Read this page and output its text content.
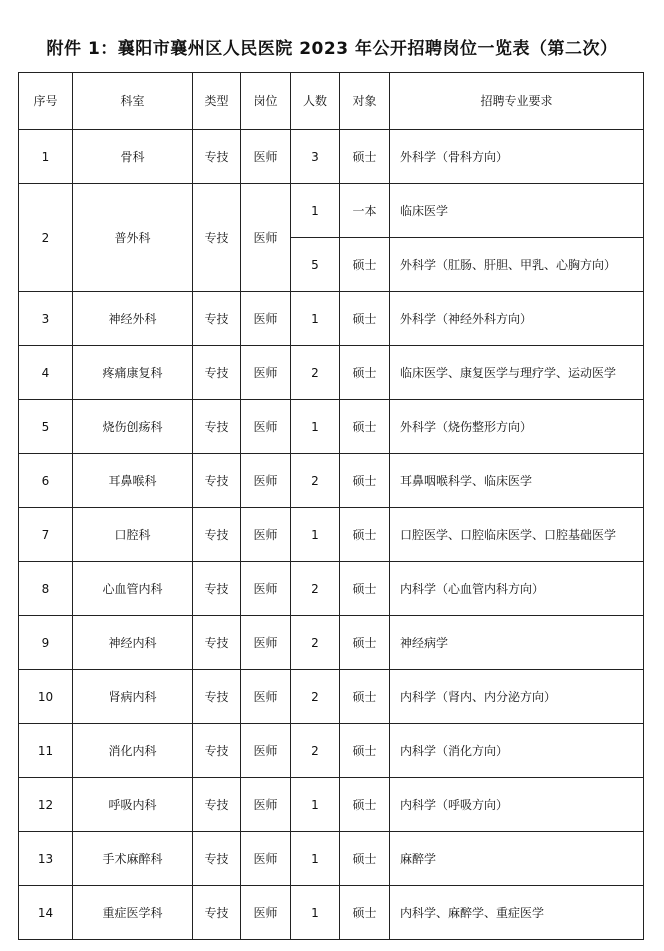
附件 1：襄阳市襄州区人民医院 2023 年公开招聘岗位一览表（第二次）
序号	科室	类型	岗位	人数	对象	招聘专业要求
1	骨科	专技	医师	3	硕士	外科学（骨科方向）
2	普外科	专技	医师	1	一本	临床医学
				5	硕士	外科学（肛肠、肝胆、甲乳、心胸方向）
3	神经外科	专技	医师	1	硕士	外科学（神经外科方向）
4	疼痛康复科	专技	医师	2	硕士	临床医学、康复医学与理疗学、运动医学
5	烧伤创疡科	专技	医师	1	硕士	外科学（烧伤整形方向）
6	耳鼻喉科	专技	医师	2	硕士	耳鼻咽喉科学、临床医学
7	口腔科	专技	医师	1	硕士	口腔医学、口腔临床医学、口腔基础医学
8	心血管内科	专技	医师	2	硕士	内科学（心血管内科方向）
9	神经内科	专技	医师	2	硕士	神经病学
10	肾病内科	专技	医师	2	硕士	内科学（肾内、内分泌方向）
11	消化内科	专技	医师	2	硕士	内科学（消化方向）
12	呼吸内科	专技	医师	1	硕士	内科学（呼吸方向）
13	手术麻醉科	专技	医师	1	硕士	麻醉学
14	重症医学科	专技	医师	1	硕士	内科学、麻醉学、重症医学
